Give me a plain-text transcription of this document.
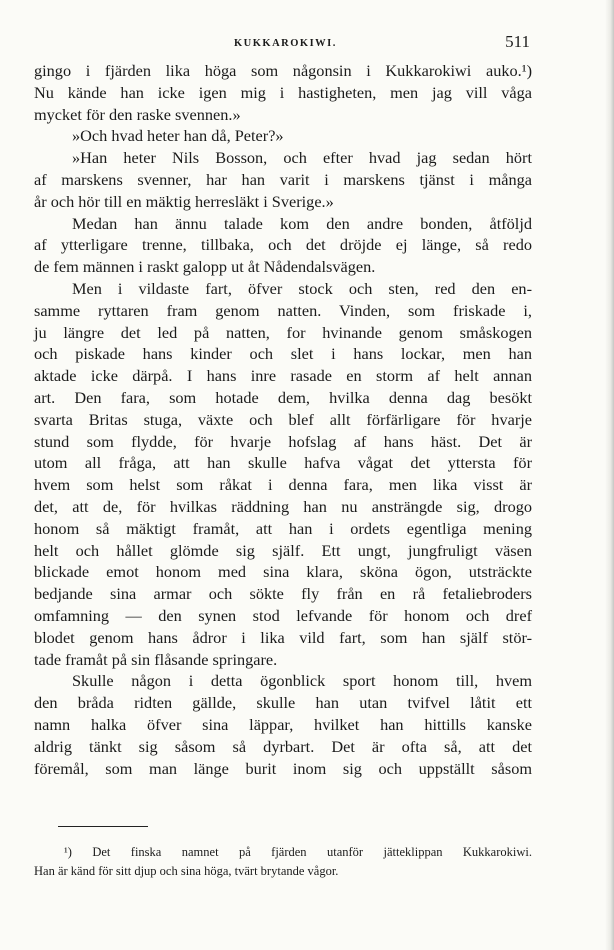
KUKKAROKIWI.	511
gingo i fjärden lika höga som någonsin i Kukkarokiwi auko.¹)
Nu kände han icke igen mig i hastigheten, men jag vill våga
mycket för den raske svennen.»
»Och hvad heter han då, Peter?»
»Han heter Nils Bosson, och efter hvad jag sedan hört
af marskens svenner, har han varit i marskens tjänst i många
år och hör till en mäktig herresläkt i Sverige.»
Medan han ännu talade kom den andre bonden, åtföljd
af ytterligare trenne, tillbaka, och det dröjde ej länge, så redo
de fem männen i raskt galopp ut åt Nådendalsvägen.
Men i vildaste fart, öfver stock och sten, red den en-
samme ryttaren fram genom natten. Vinden, som friskade i,
ju längre det led på natten, for hvinande genom småskogen
och piskade hans kinder och slet i hans lockar, men han
aktade icke därpå. I hans inre rasade en storm af helt annan
art. Den fara, som hotade dem, hvilka denna dag besökt
svarta Britas stuga, växte och blef allt förfärligare för hvarje
stund som flydde, för hvarje hofslag af hans häst. Det är
utom all fråga, att han skulle hafva vågat det yttersta för
hvem som helst som råkat i denna fara, men lika visst är
det, att de, för hvilkas räddning han nu ansträngde sig, drogo
honom så mäktigt framåt, att han i ordets egentliga mening
helt och hållet glömde sig själf. Ett ungt, jungfruligt väsen
blickade emot honom med sina klara, sköna ögon, utsträckte
bedjande sina armar och sökte fly från en rå fetaliebroders
omfamning — den synen stod lefvande för honom och dref
blodet genom hans ådror i lika vild fart, som han själf stör-
tade framåt på sin flåsande springare.
Skulle någon i detta ögonblick sport honom till, hvem
den bråda ridten gällde, skulle han utan tvifvel låtit ett
namn halka öfver sina läppar, hvilket han hittills kanske
aldrig tänkt sig såsom så dyrbart. Det är ofta så, att det
föremål, som man länge burit inom sig och uppställt såsom
¹) Det finska namnet på fjärden utanför jätteklippan Kukkarokiwi.
Han är känd för sitt djup och sina höga, tvärt brytande vågor.
